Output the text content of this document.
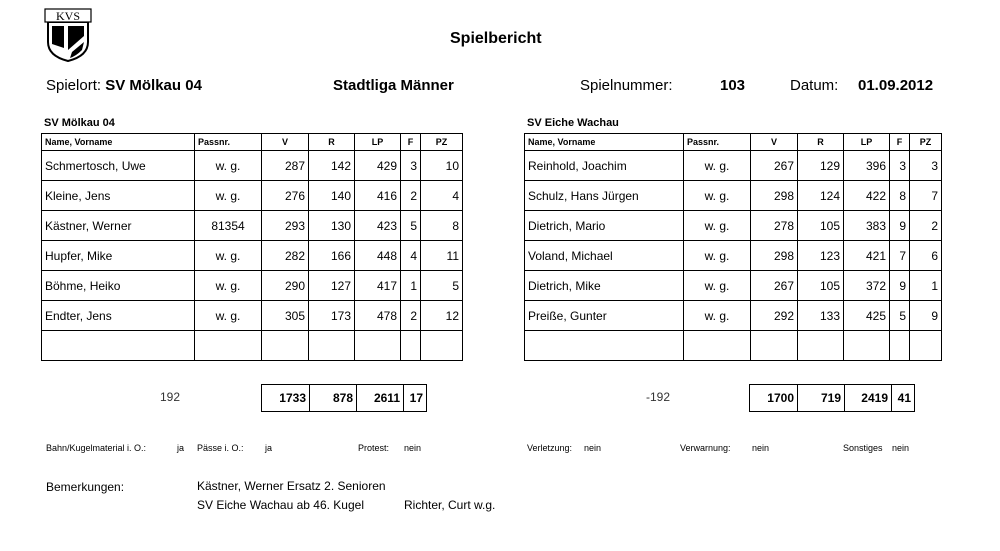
KVS
Spielbericht
Spielort: SV Mölkau 04	Stadtliga Männer	Spielnummer:	103	Datum: 01.09.2012
SV Mölkau 04	SV Eiche Wachau
Name, Vorname	Passnr.	V	R	LP	F	PZ
Schmertosch, Uwe	w. g.	287	142	429	3	10
Kleine, Jens	w. g.	276	140	416	2	4
Kästner, Werner	81354	293	130	423	5	8
Hupfer, Mike	w. g.	282	166	448	4	11
Böhme, Heiko	w. g.	290	127	417	1	5
Endter, Jens	w. g.	305	173	478	2	12

192	1733	878	2611	17
Name, Vorname	Passnr.	V	R	LP	F	PZ
Reinhold, Joachim	w. g.	267	129	396	3	3
Schulz, Hans Jürgen	w. g.	298	124	422	8	7
Dietrich, Mario	w. g.	278	105	383	9	2
Voland, Michael	w. g.	298	123	421	7	6
Dietrich, Mike	w. g.	267	105	372	9	1
Preiße, Gunter	w. g.	292	133	425	5	9

-192	1700	719	2419	41
Bahn/Kugelmaterial i. O.:	ja Pässe i. O.: ja	Protest: nein	Verletzung: nein	Verwarnung: nein	Sonstiges nein
Bemerkungen:	Kästner, Werner Ersatz 2. Senioren
SV Eiche Wachau ab 46. Kugel	Richter, Curt w.g.
